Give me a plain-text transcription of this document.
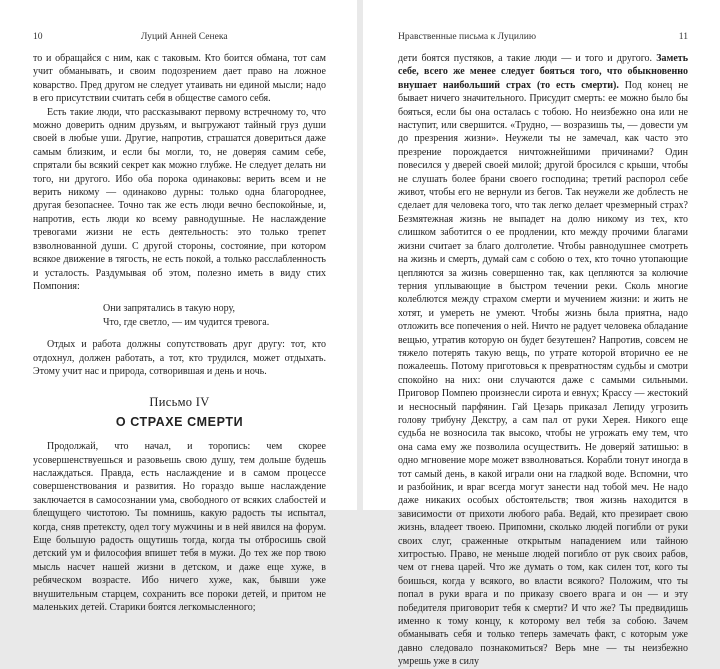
10	Луций Анней Сенека

то и обращайся с ним, как с таковым. Кто боится обмана, тот сам учит обманывать, и своим подозрением дает право на ложное коварство. Пред другом не следует утаивать ни единой мысли; надо в его присутствии считать себя в обществе самого себя.

Есть такие люди, что рассказывают первому встречному то, что можно доверить одним друзьям, и выгружают тайный груз души своей в любые уши. Другие, напротив, страшатся довериться даже самым близким, и если бы могли, то, не доверяя самим себе, спрятали бы всякий секрет как можно глубже. Не следует делать ни того, ни другого. Ибо оба порока одинаковы: верить всем и не верить никому — одинаково дурны: только одна благороднее, другая безопаснее. Точно так же есть люди вечно беспокойные, и, напротив, есть люди ко всему равнодушные. Не наслаждение тревогами жизни не есть деятельность: это только трепет взволнованной души. С другой стороны, состояние, при котором всякое движение в тягость, не есть покой, а только расслабленность и усталость. Раздумывая об этом, полезно иметь в виду стих Помпония:

Они запрятались в такую нору,
Что, где светло, — им чудится тревога.

Отдых и работа должны сопутствовать друг другу: тот, кто отдохнул, должен работать, а тот, кто трудился, может отдыхать. Этому учит нас и природа, сотворившая и день и ночь.

Письмо IV
О СТРАХЕ СМЕРТИ

Продолжай, что начал, и торопись: чем скорее усовершенствуешься и разовьешь свою душу, тем дольше будешь наслаждаться. Правда, есть наслаждение и в самом процессе совершенствования и развития. Но гораздо выше наслаждение заключается в самосознании ума, свободного от всяких слабостей и блещущего чистотою. Ты помнишь, какую радость ты испытал, когда, сняв претексту, одел тогу мужчины и в ней явился на форум. Еще большую радость ощутишь тогда, когда ты отбросишь свой детский ум и философия впишет тебя в мужи. До тех же пор твою мысль насчет нашей жизни в детском, и даже еще хуже, в ребяческом возрасте. Ибо ничего хуже, как, бывши уже внушительным старцем, сохранить все пороки детей, и притом не маленьких детей. Старики боятся легкомысленного;

Нравственные письма к Луцилию	11

дети боятся пустяков, а такие люди — и того и другого. Заметь себе, всего же менее следует бояться того, что обыкновенно внушает наибольший страх (то есть смерти). Под конец не бывает ничего значительного. Присудит смерть: ее можно было бы бояться, если бы она осталась с тобою. Но неизбежно она или не наступит, или свершится. «Трудно, — возразишь ты, — довести ум до презрения жизни». Неужели ты не замечал, как часто это презрение порождается ничтожнейшими причинами? Один повесился у дверей своей милой; другой бросился с крыши, чтобы не слушать более брани своего господина; третий распорол себе живот, чтобы его не вернули из бегов. Так неужели же доблесть не сделает для человека того, что так легко делает чрезмерный страх? Безмятежная жизнь не выпадет на долю никому из тех, кто слишком заботится о ее продлении, кто между прочими благами жизни считает за благо долголетие. Чтобы равнодушнее смотреть на жизнь и смерть, думай сам с собою о тех, кто точно утопающие цепляются за жизнь совершенно так, как цепляются за колючие терния уплывающие в быстром течении реки. Сколь многие колеблются между страхом смерти и мучением жизни: и жить не хотят, и умереть не умеют. Чтобы жизнь была приятна, надо отложить все попечения о ней. Ничто не радует человека обладание вещью, утратив которую он будет безутешен? Напротив, совсем не тяжело потерять такую вещь, по утрате которой вторично ее не пожалеешь. Потому приготовься к превратностям судьбы и смотри спокойно на них: они случаются даже с самыми сильными. Приговор Помпею произнесли сирота и евнух; Крассу — жестокий и несносный парфянин. Гай Цезарь приказал Лепиду угрозить голову трибуну Декстру, а сам пал от руки Херея. Никого еще судьба не возносила так высоко, чтобы не угрожать ему тем, что она сама ему же позволила осуществить. Не доверяй затишью: в одно мгновение море может взволноваться. Корабли тонут иногда в тот самый день, в какой играли они на гладкой воде. Вспомни, что и разбойник, и враг всегда могут занести над тобой меч. Не надо даже никаких особых обстоятельств; твоя жизнь находится в зависимости от прихоти любого раба. Ведай, кто презирает свою жизнь, владеет твоею. Припомни, сколько людей погибли от руки своих слуг, сраженные открытым нападением или тайною хитростью. Право, не меньше людей погибло от рук своих рабов, чем от гнева царей. Что же думать о том, как силен тот, кого ты боишься, когда у всякого, во власти всякого? Положим, что ты попал в руки врага и по приказу своего врага и он — и эту победителя приговорит тебя к смерти? И что же? Ты предвидишь именно к тому концу, к которому вел тебя за собою. Зачем обманывать себя и только теперь замечать факт, с которым уже давно следовало познакомиться? Верь мне — ты неизбежно умрешь уже в силу
